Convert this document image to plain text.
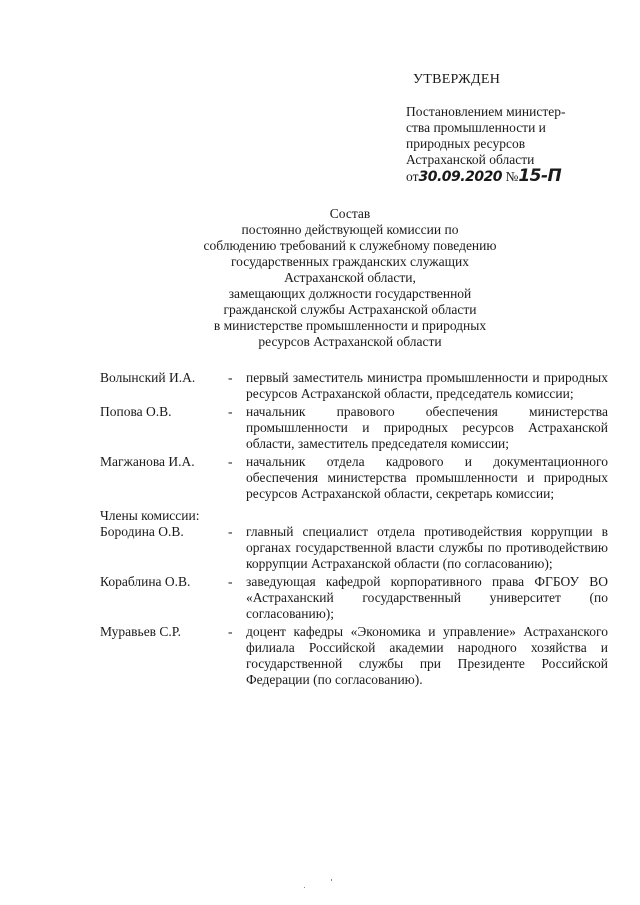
УТВЕРЖДЕН
Постановлением министер-
ства промышленности и
природных ресурсов
Астраханской области
от30.09.2020 №15-П
Состав
постоянно действующей комиссии по
соблюдению требований к служебному поведению
государственных гражданских служащих
Астраханской области,
замещающих должности государственной
гражданской службы Астраханской области
в министерстве промышленности и природных
ресурсов Астраханской области
Волынский И.А.	-	первый заместитель министра промышленности и природных ресурсов Астраханской области, председатель комиссии;
Попова О.В.	-	начальник правового обеспечения министерства промышленности и природных ресурсов Астраханской области, заместитель председателя комиссии;
Магжанова И.А.	-	начальник отдела кадрового и документационного обеспечения министерства промышленности и природных ресурсов Астраханской области, секретарь комиссии;
Члены комиссии:
Бородина О.В.	-	главный специалист отдела противодействия коррупции в органах государственной власти службы по противодействию коррупции Астраханской области (по согласованию);
Кораблина О.В.	-	заведующая кафедрой корпоративного права ФГБОУ ВО «Астраханский государственный университет (по согласованию);
Муравьев С.Р.	-	доцент кафедры «Экономика и управление» Астраханского филиала Российской академии народного хозяйства и государственной службы при Президенте Российской Федерации (по согласованию).
